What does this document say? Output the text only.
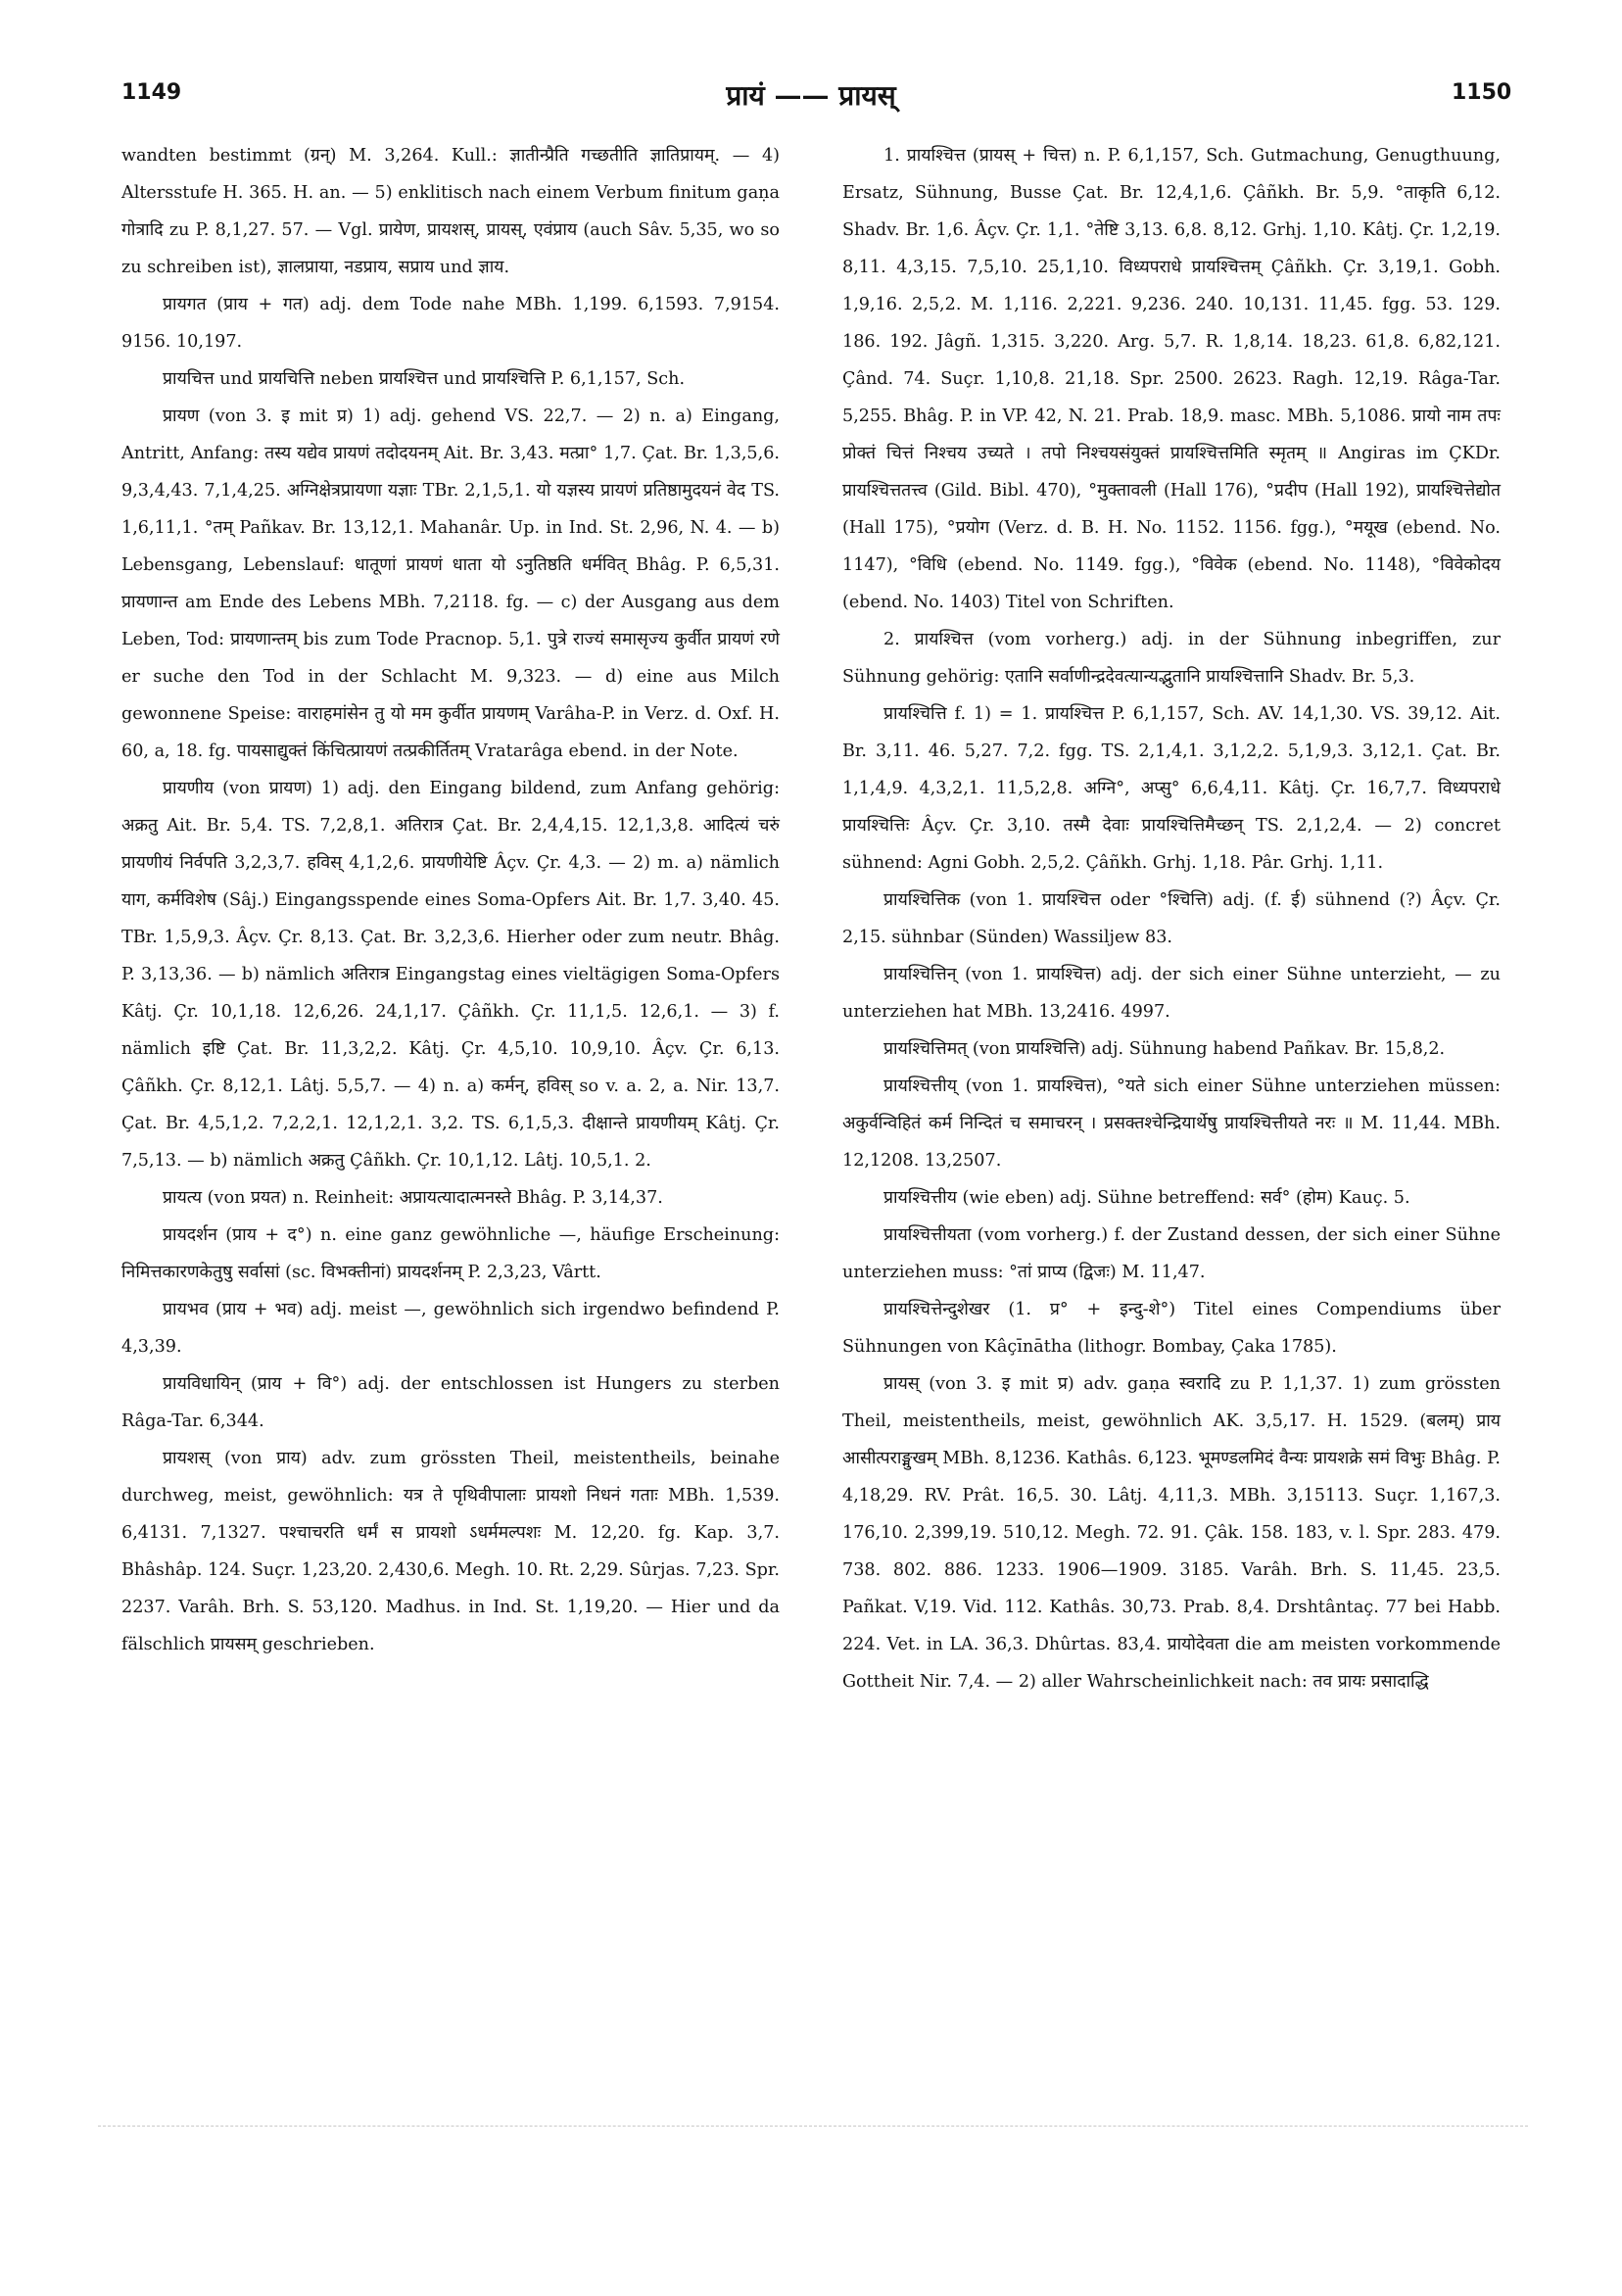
1149	प्रायं —— प्रायस्	1150

wandten bestimmt (ग्रन्) M. 3,264. Kull.: ज्ञातीन्प्रैति गच्छतीति ज्ञातिप्रायम्. — 4) Altersstufe H. 365. H. an. — 5) enklitisch nach einem Verbum finitum gaṇa गोत्रादि zu P. 8,1,27. 57. — Vgl. प्रायेण, प्रायशस्, प्रायस्, एवंप्राय (auch Sâv. 5,35, wo so zu schreiben ist), ज्ञालप्राया, नडप्राय, सप्राय und ज्ञाय.

प्रायगत (प्राय + गत) adj. dem Tode nahe MBh. 1,199. 6,1593. 7,9154. 9156. 10,197.

प्रायचित्त und प्रायचित्ति neben प्रायश्चित्त und प्रायश्चित्ति P. 6,1,157, Sch.

प्रायण (von 3. इ mit प्र) 1) adj. gehend VS. 22,7. — 2) n. a) Eingang, Antritt, Anfang: तस्य यद्येव प्रायणं तदोदयनम् Ait. Br. 3,43. मत्प्रा° 1,7. Çat. Br. 1,3,5,6. 9,3,4,43. 7,1,4,25. अग्निक्षेत्रप्रायणा यज्ञाः TBr. 2,1,5,1. यो यज्ञस्य प्रायणं प्रतिष्ठामुदयनं वेद TS. 1,6,11,1. °तम् Pañkav. Br. 13,12,1. Mahanâr. Up. in Ind. St. 2,96, N. 4. — b) Lebensgang, Lebenslauf: धातूणां प्रायणं धाता यो ऽनुतिष्ठति धर्मवित् Bhâg. P. 6,5,31. प्रायणान्त am Ende des Lebens MBh. 7,2118. fg. — c) der Ausgang aus dem Leben, Tod: प्रायणान्तम् bis zum Tode Pracnop. 5,1. पुत्रे राज्यं समासृज्य कुर्वीत प्रायणं रणे er suche den Tod in der Schlacht M. 9,323. — d) eine aus Milch gewonnene Speise: वाराहमांसेन तु यो मम कुर्वीत प्रायणम् Varâha-P. in Verz. d. Oxf. H. 60, a, 18. fg. पायसाद्युक्तं किंचित्प्रायणं तत्प्रकीर्तितम् Vratarâga ebend. in der Note.

प्रायणीय (von प्रायण) 1) adj. den Eingang bildend, zum Anfang gehörig: अक्रतु Ait. Br. 5,4. TS. 7,2,8,1. अतिरात्र Çat. Br. 2,4,4,15. 12,1,3,8. आदित्यं चरुं प्रायणीयं निर्वपति 3,2,3,7. हविस् 4,1,2,6. प्रायणीयेष्टि Âçv. Çr. 4,3. — 2) m. a) nämlich याग, कर्मविशेष (Sâj.) Eingangsspende eines Soma-Opfers Ait. Br. 1,7. 3,40. 45. TBr. 1,5,9,3. Âçv. Çr. 8,13. Çat. Br. 3,2,3,6. Hierher oder zum neutr. Bhâg. P. 3,13,36. — b) nämlich अतिरात्र Eingangstag eines vieltägigen Soma-Opfers Kâtj. Çr. 10,1,18. 12,6,26. 24,1,17. Çâñkh. Çr. 11,1,5. 12,6,1. — 3) f. nämlich इष्टि Çat. Br. 11,3,2,2. Kâtj. Çr. 4,5,10. 10,9,10. Âçv. Çr. 6,13. Çâñkh. Çr. 8,12,1. Lâtj. 5,5,7. — 4) n. a) कर्मन्, हविस् so v. a. 2, a. Nir. 13,7. Çat. Br. 4,5,1,2. 7,2,2,1. 12,1,2,1. 3,2. TS. 6,1,5,3. दीक्षान्ते प्रायणीयम् Kâtj. Çr. 7,5,13. — b) nämlich अक्रतु Çâñkh. Çr. 10,1,12. Lâtj. 10,5,1. 2.

प्रायत्य (von प्रयत) n. Reinheit: अप्रायत्यादात्मनस्ते Bhâg. P. 3,14,37.

प्रायदर्शन (प्राय + द°) n. eine ganz gewöhnliche —, häufige Erscheinung: निमित्तकारणकेतुषु सर्वासां (sc. विभक्तीनां) प्रायदर्शनम् P. 2,3,23, Vârtt.

प्रायभव (प्राय + भव) adj. meist —, gewöhnlich sich irgendwo befindend P. 4,3,39.

प्रायविधायिन् (प्राय + वि°) adj. der entschlossen ist Hungers zu sterben Râga-Tar. 6,344.

प्रायशस् (von प्राय) adv. zum grössten Theil, meistentheils, beinahe durchweg, meist, gewöhnlich: यत्र ते पृथिवीपालाः प्रायशो निधनं गताः MBh. 1,539. 6,4131. 7,1327. पश्चाचरति धर्मं स प्रायशो ऽधर्ममल्पशः M. 12,20. fg. Kap. 3,7. Bhâshâp. 124. Suçr. 1,23,20. 2,430,6. Megh. 10. Rt. 2,29. Sûrjas. 7,23. Spr. 2237. Varâh. Brh. S. 53,120. Madhus. in Ind. St. 1,19,20. — Hier und da fälschlich प्रायसम् geschrieben.

1. प्रायश्चित्त (प्रायस् + चित्त) n. P. 6,1,157, Sch. Gutmachung, Genugthuung, Ersatz, Sühnung, Busse Çat. Br. 12,4,1,6. Çâñkh. Br. 5,9. °ताकृति 6,12. Shadv. Br. 1,6. Âçv. Çr. 1,1. °तेष्टि 3,13. 6,8. 8,12. Grhj. 1,10. Kâtj. Çr. 1,2,19. 8,11. 4,3,15. 7,5,10. 25,1,10. विध्यपराधे प्रायश्चित्तम् Çâñkh. Çr. 3,19,1. Gobh. 1,9,16. 2,5,2. M. 1,116. 2,221. 9,236. 240. 10,131. 11,45. fgg. 53. 129. 186. 192. Jâgñ. 1,315. 3,220. Arg. 5,7. R. 1,8,14. 18,23. 61,8. 6,82,121. Çând. 74. Suçr. 1,10,8. 21,18. Spr. 2500. 2623. Ragh. 12,19. Râga-Tar. 5,255. Bhâg. P. in VP. 42, N. 21. Prab. 18,9. masc. MBh. 5,1086. प्रायो नाम तपः प्रोक्तं चित्तं निश्चय उच्यते । तपो निश्चयसंयुक्तं प्रायश्चित्तमिति स्मृतम् ॥ Angiras im ÇKDr. प्रायश्चित्ततत्त्व (Gild. Bibl. 470), °मुक्तावली (Hall 176), °प्रदीप (Hall 192), प्रायश्चित्तेद्योत (Hall 175), °प्रयोग (Verz. d. B. H. No. 1152. 1156. fgg.), °मयूख (ebend. No. 1147), °विधि (ebend. No. 1149. fgg.), °विवेक (ebend. No. 1148), °विवेकोदय (ebend. No. 1403) Titel von Schriften.

2. प्रायश्चित्त (vom vorherg.) adj. in der Sühnung inbegriffen, zur Sühnung gehörig: एतानि सर्वाणीन्द्रदेवत्यान्यद्भुतानि प्रायश्चित्तानि Shadv. Br. 5,3.

प्रायश्चित्ति f. 1) = 1. प्रायश्चित्त P. 6,1,157, Sch. AV. 14,1,30. VS. 39,12. Ait. Br. 3,11. 46. 5,27. 7,2. fgg. TS. 2,1,4,1. 3,1,2,2. 5,1,9,3. 3,12,1. Çat. Br. 1,1,4,9. 4,3,2,1. 11,5,2,8. अग्नि°, अप्सु° 6,6,4,11. Kâtj. Çr. 16,7,7. विध्यपराधे प्रायश्चित्तिः Âçv. Çr. 3,10. तस्मै देवाः प्रायश्चित्तिमैच्छन् TS. 2,1,2,4. — 2) concret sühnend: Agni Gobh. 2,5,2. Çâñkh. Grhj. 1,18. Pâr. Grhj. 1,11.

प्रायश्चित्तिक (von 1. प्रायश्चित्त oder °श्चित्ति) adj. (f. ई) sühnend (?) Âçv. Çr. 2,15. sühnbar (Sünden) Wassiljew 83.

प्रायश्चित्तिन् (von 1. प्रायश्चित्त) adj. der sich einer Sühne unterzieht, — zu unterziehen hat MBh. 13,2416. 4997.

प्रायश्चित्तिमत् (von प्रायश्चित्ति) adj. Sühnung habend Pañkav. Br. 15,8,2.

प्रायश्चित्तीय् (von 1. प्रायश्चित्त), °यते sich einer Sühne unterziehen müssen: अकुर्वन्विहितं कर्म निन्दितं च समाचरन् । प्रसक्तश्चेन्द्रियार्थेषु प्रायश्चित्तीयते नरः ॥ M. 11,44. MBh. 12,1208. 13,2507.

प्रायश्चित्तीय (wie eben) adj. Sühne betreffend: सर्व° (होम) Kauç. 5.

प्रायश्चित्तीयता (vom vorherg.) f. der Zustand dessen, der sich einer Sühne unterziehen muss: °तां प्राप्य (द्विजः) M. 11,47.

प्रायश्चित्तेन्दुशेखर (1. प्र° + इन्दु-शे°) Titel eines Compendiums über Sühnungen von Kâçīnātha (lithogr. Bombay, Çaka 1785).

प्रायस् (von 3. इ mit प्र) adv. gaṇa स्वरादि zu P. 1,1,37. 1) zum grössten Theil, meistentheils, meist, gewöhnlich AK. 3,5,17. H. 1529. (बलम्) प्राय आसीत्पराङ्मुखम् MBh. 8,1236. Kathâs. 6,123. भूमण्डलमिदं वैन्यः प्रायशक्रे समं विभुः Bhâg. P. 4,18,29. RV. Prât. 16,5. 30. Lâtj. 4,11,3. MBh. 3,15113. Suçr. 1,167,3. 176,10. 2,399,19. 510,12. Megh. 72. 91. Çâk. 158. 183, v. l. Spr. 283. 479. 738. 802. 886. 1233. 1906—1909. 3185. Varâh. Brh. S. 11,45. 23,5. Pañkat. V,19. Vid. 112. Kathâs. 30,73. Prab. 8,4. Drshtântaç. 77 bei Habb. 224. Vet. in LA. 36,3. Dhûrtas. 83,4. प्रायोदेवता die am meisten vorkommende Gottheit Nir. 7,4. — 2) aller Wahrscheinlichkeit nach: तव प्रायः प्रसादाद्धि
